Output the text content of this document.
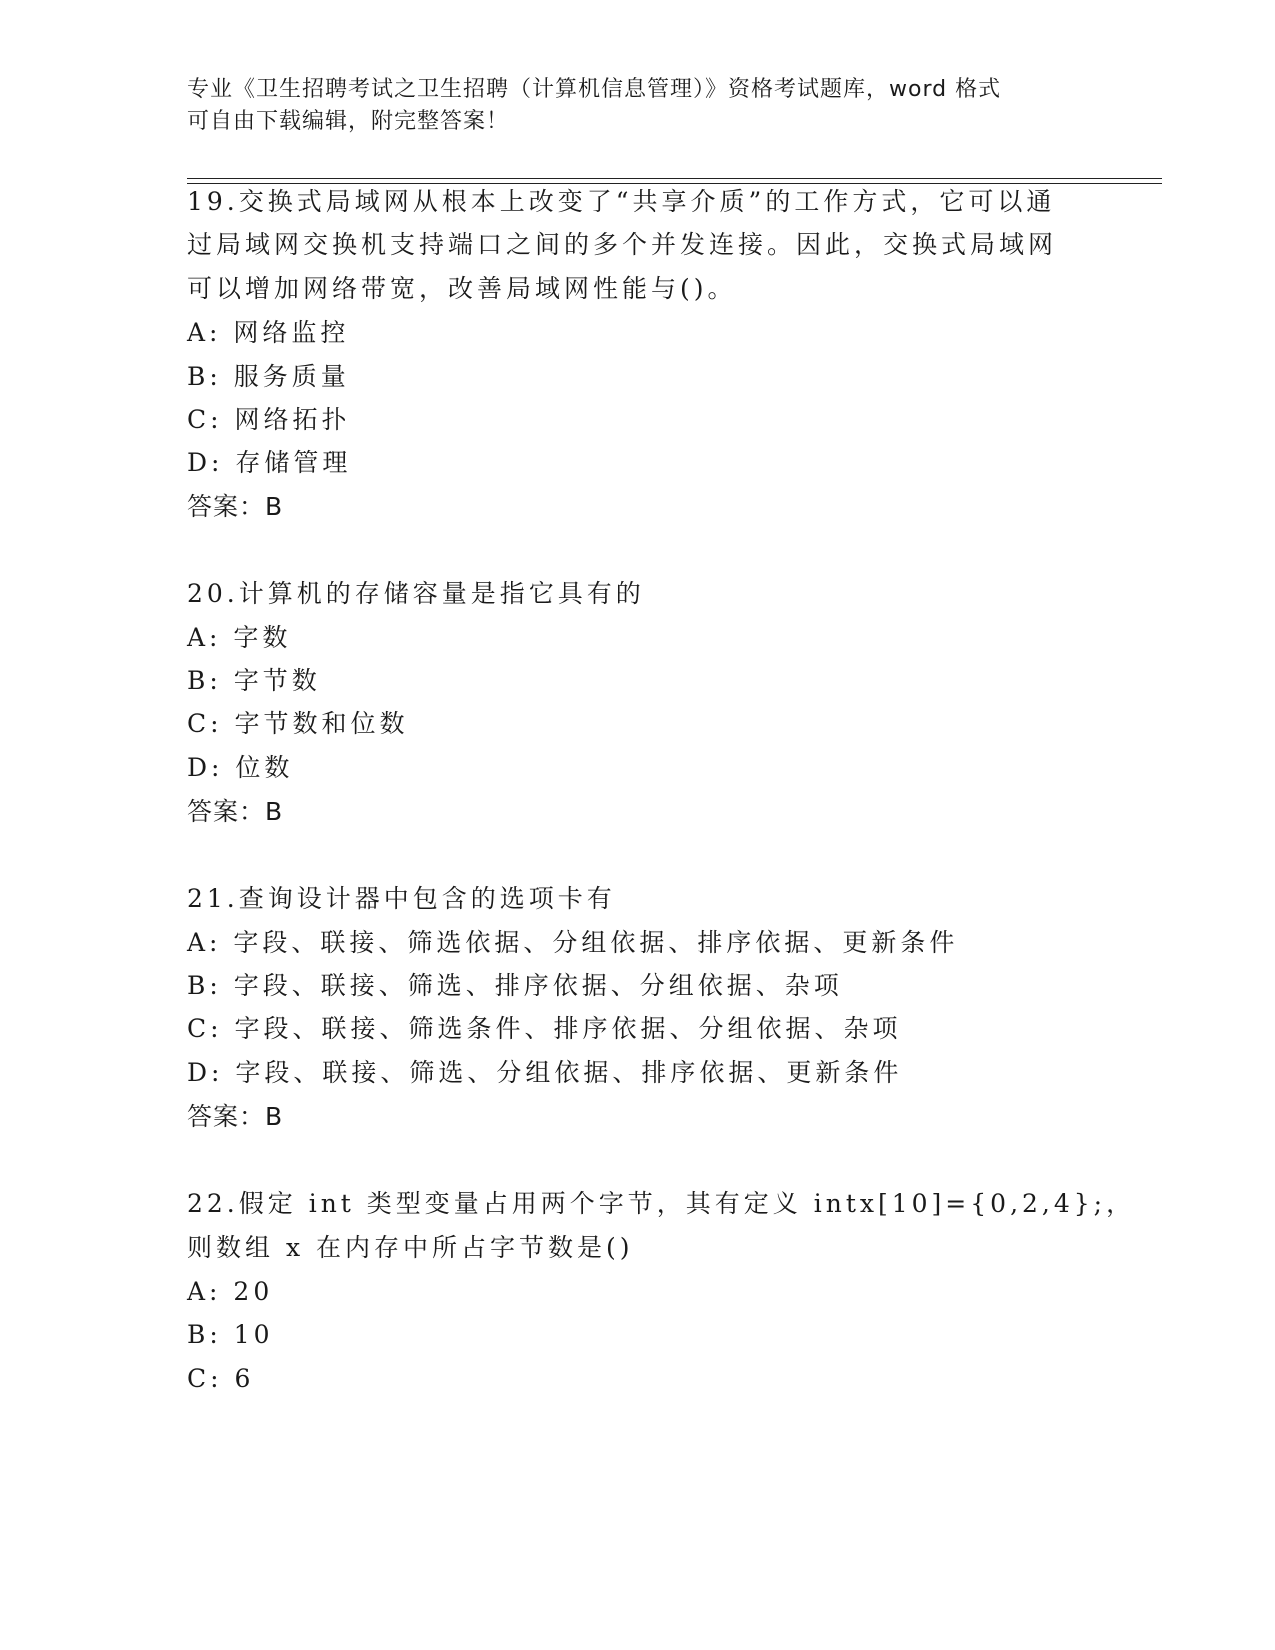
专业《卫生招聘考试之卫生招聘（计算机信息管理）》资格考试题库，word 格式
可自由下载编辑，附完整答案！
19.交换式局域网从根本上改变了“共享介质”的工作方式，它可以通
过局域网交换机支持端口之间的多个并发连接。因此，交换式局域网
可以增加网络带宽，改善局域网性能与()。
A: 网络监控
B: 服务质量
C: 网络拓扑
D: 存储管理
答案：B
20.计算机的存储容量是指它具有的
A: 字数
B: 字节数
C: 字节数和位数
D: 位数
答案：B
21.查询设计器中包含的选项卡有
A: 字段、联接、筛选依据、分组依据、排序依据、更新条件
B: 字段、联接、筛选、排序依据、分组依据、杂项
C: 字段、联接、筛选条件、排序依据、分组依据、杂项
D: 字段、联接、筛选、分组依据、排序依据、更新条件
答案：B
22.假定 int 类型变量占用两个字节，其有定义 intx[10]={0,2,4};，
则数组 x 在内存中所占字节数是()
A: 20
B: 10
C: 6
